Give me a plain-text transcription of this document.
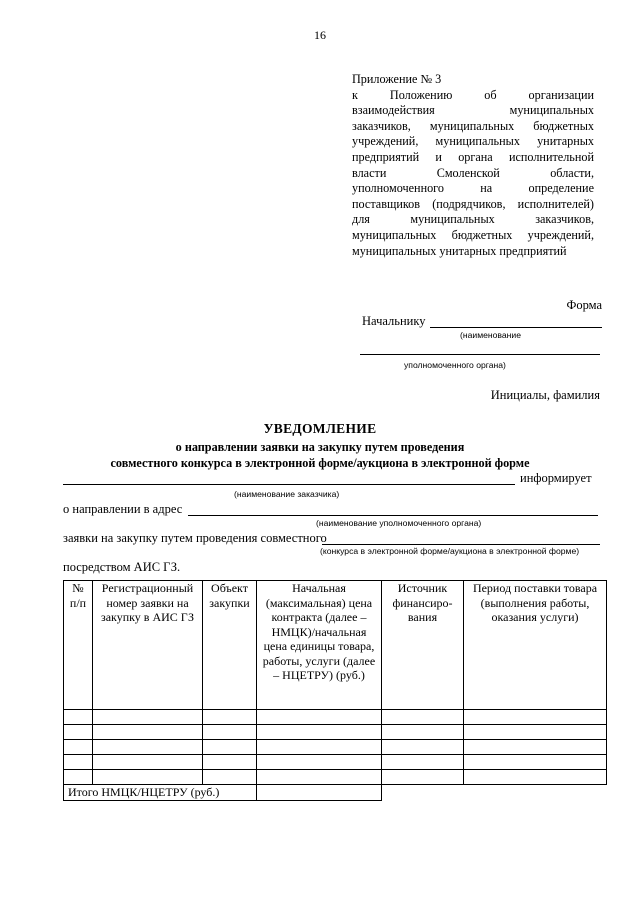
16
Приложение № 3
к Положению об организации
взаимодействия муниципальных
заказчиков, муниципальных бюджетных
учреждений, муниципальных унитарных
предприятий и органа исполнительной
власти Смоленской области,
уполномоченного на определение
поставщиков (подрядчиков, исполнителей)
для муниципальных заказчиков,
муниципальных бюджетных учреждений,
муниципальных унитарных предприятий
Форма
Начальнику
(наименование
уполномоченного органа)
Инициалы, фамилия
УВЕДОМЛЕНИЕ
о направлении заявки на закупку путем проведения
совместного конкурса в электронной форме/аукциона в электронной форме
информирует
(наименование заказчика)
о направлении в адрес
(наименование уполномоченного органа)
заявки на закупку путем проведения совместного
(конкурса в электронной форме/аукциона в электронной форме)
посредством АИС ГЗ.
№ п/п	Регистрационный номер заявки на закупку в АИС ГЗ	Объект закупки	Начальная (максимальная) цена контракта (далее – НМЦК)/начальная цена единицы товара, работы, услуги (далее – НЦЕТРУ) (руб.)	Источник финансиро-вания	Период поставки товара (выполнения работы, оказания услуги)

Итого НМЦК/НЦЕТРУ (руб.)					
